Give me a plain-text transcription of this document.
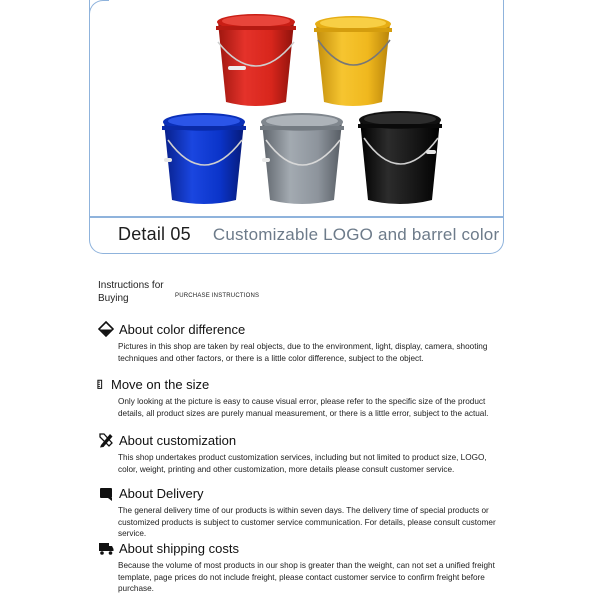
Detail 05 Customizable LOGO and barrel color
Instructions for Buying	PURCHASE INSTRUCTIONS
About color difference
Pictures in this shop are taken by real objects, due to the environment, light, display, camera, shooting techniques and other factors, or there is a little color difference, subject to the object.
Move on the size
Only looking at the picture is easy to cause visual error, please refer to the specific size of the product details, all product sizes are purely manual measurement, or there is a little error, subject to the actual.
About customization
This shop undertakes product customization services, including but not limited to product size, LOGO, color, weight, printing and other customization, more details please consult customer service.
About Delivery
The general delivery time of our products is within seven days. The delivery time of special products or customized products is subject to customer service communication. For details, please consult customer service.
About shipping costs
Because the volume of most products in our shop is greater than the weight, can not set a unified freight template, page prices do not include freight, please contact customer service to confirm freight before purchase.
